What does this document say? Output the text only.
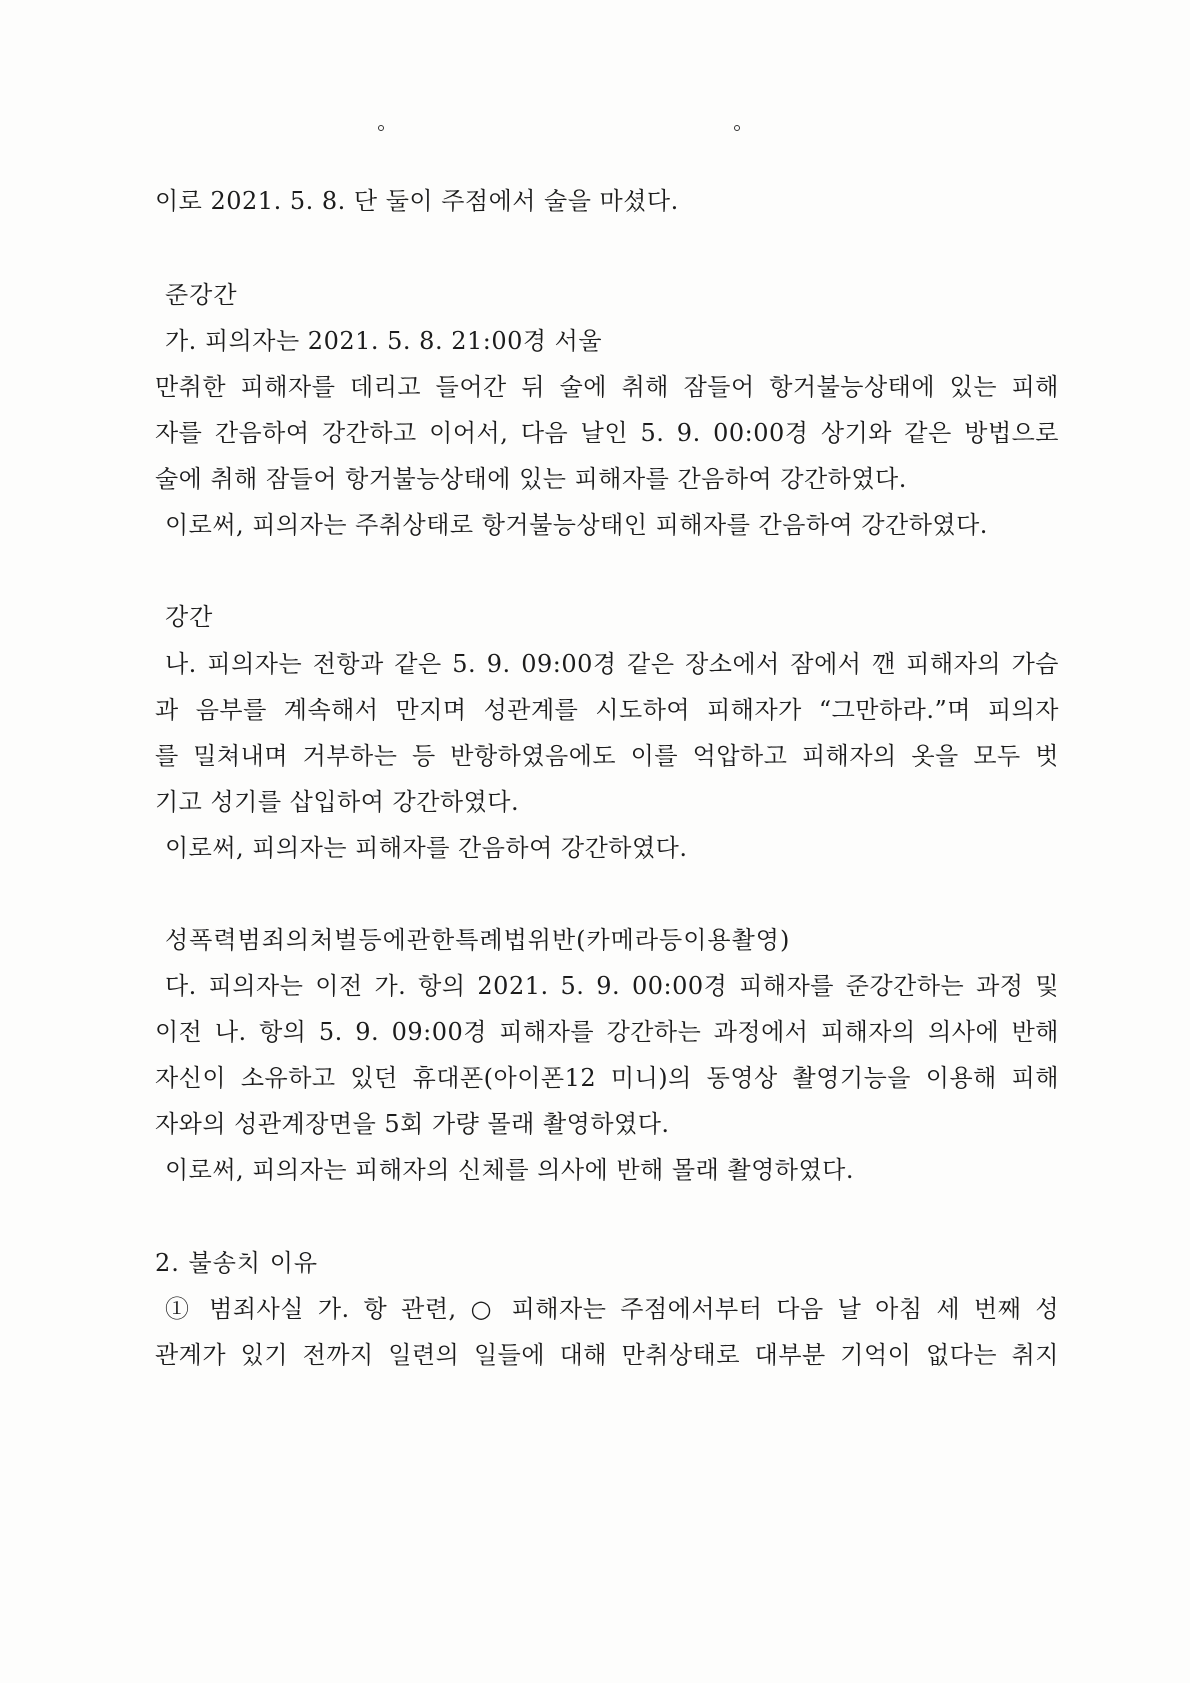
이로 2021. 5. 8. 단 둘이 주점에서 술을 마셨다.
준강간
가. 피의자는 2021. 5. 8. 21:00경 서울
만취한 피해자를 데리고 들어간 뒤 술에 취해 잠들어 항거불능상태에 있는 피해
자를 간음하여 강간하고 이어서, 다음 날인 5. 9. 00:00경 상기와 같은 방법으로
술에 취해 잠들어 항거불능상태에 있는 피해자를 간음하여 강간하였다.
이로써, 피의자는 주취상태로 항거불능상태인 피해자를 간음하여 강간하였다.
강간
나. 피의자는 전항과 같은 5. 9. 09:00경 같은 장소에서 잠에서 깬 피해자의 가슴
과 음부를 계속해서 만지며 성관계를 시도하여 피해자가 “그만하라.”며 피의자
를 밀쳐내며 거부하는 등 반항하였음에도 이를 억압하고 피해자의 옷을 모두 벗
기고 성기를 삽입하여 강간하였다.
이로써, 피의자는 피해자를 간음하여 강간하였다.
성폭력범죄의처벌등에관한특례법위반(카메라등이용촬영)
다. 피의자는 이전 가. 항의 2021. 5. 9. 00:00경 피해자를 준강간하는 과정 및
이전 나. 항의 5. 9. 09:00경 피해자를 강간하는 과정에서 피해자의 의사에 반해
자신이 소유하고 있던 휴대폰(아이폰12 미니)의 동영상 촬영기능을 이용해 피해
자와의 성관계장면을 5회 가량 몰래 촬영하였다.
이로써, 피의자는 피해자의 신체를 의사에 반해 몰래 촬영하였다.
2. 불송치 이유
① 범죄사실 가. 항 관련, ○ 피해자는 주점에서부터 다음 날 아침 세 번째 성
관계가 있기 전까지 일련의 일들에 대해 만취상태로 대부분 기억이 없다는 취지
